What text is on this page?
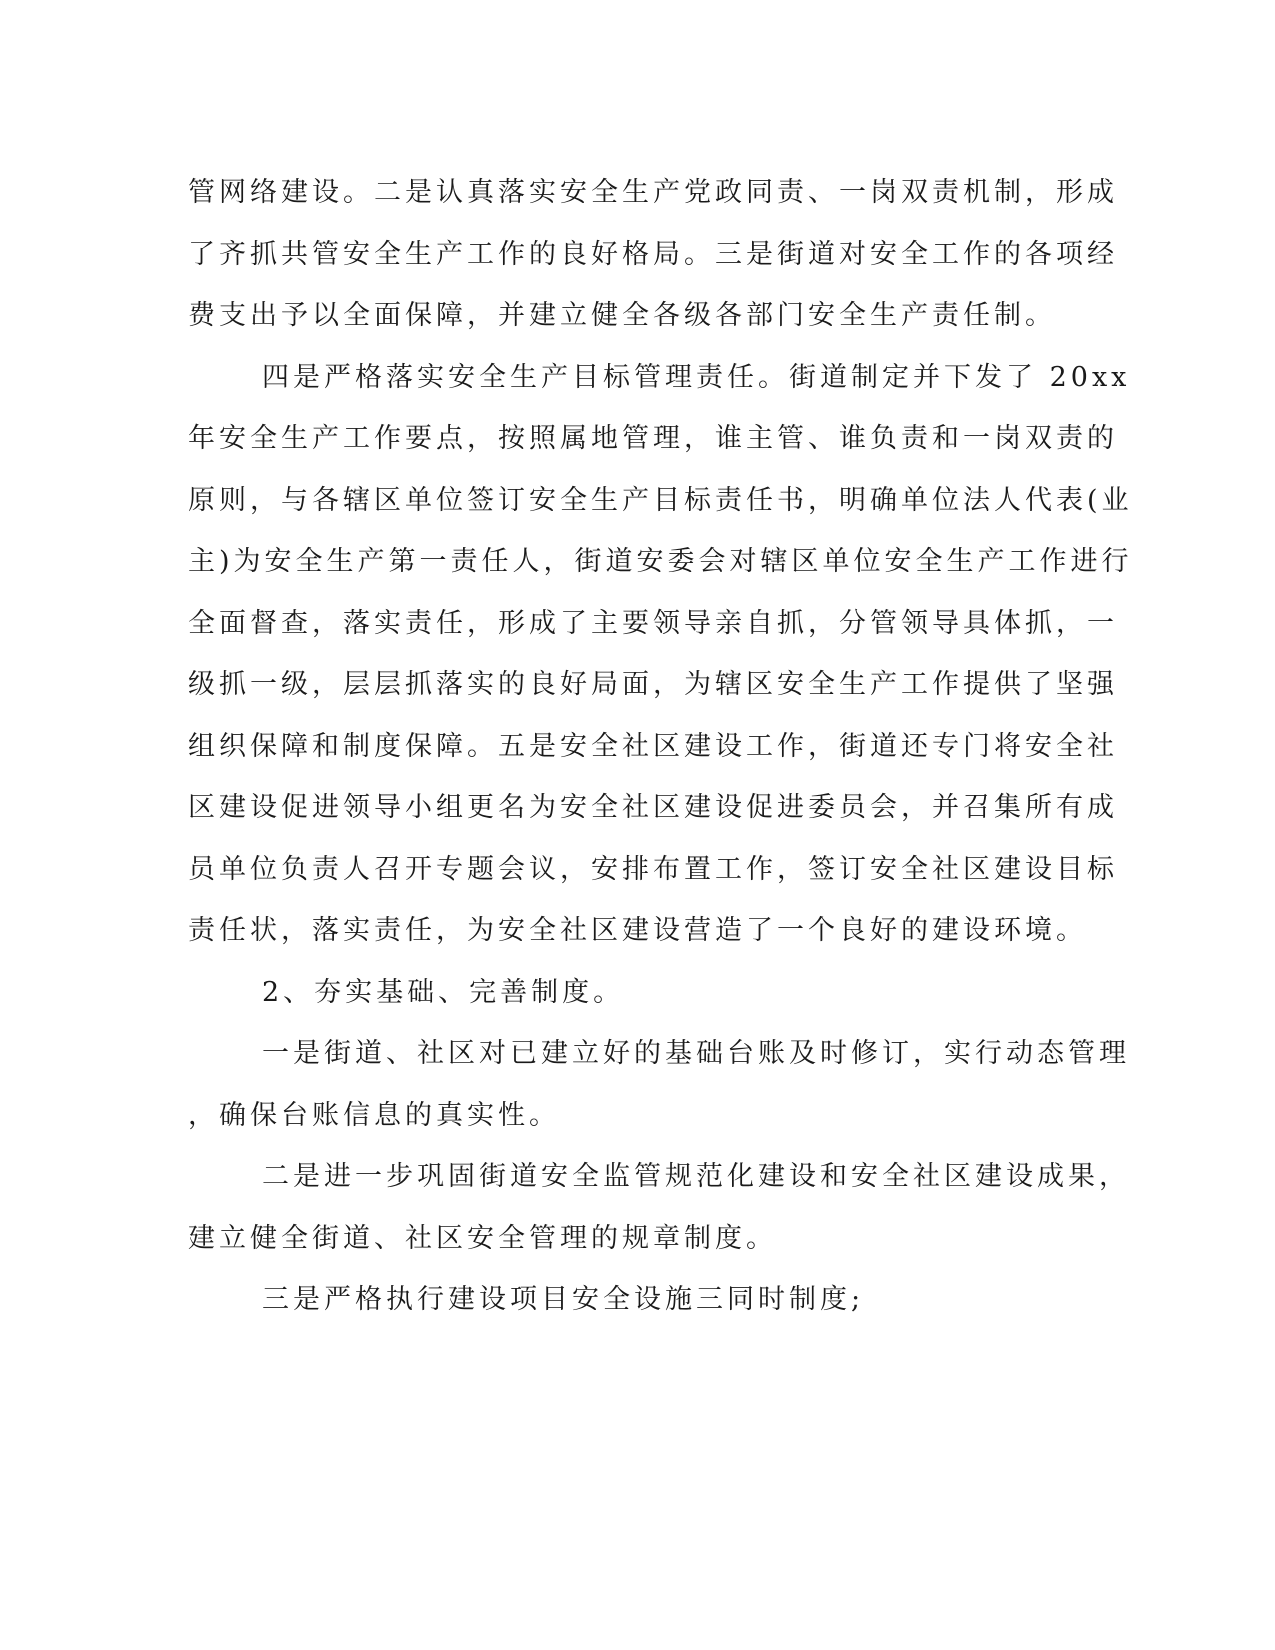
管网络建设。二是认真落实安全生产党政同责、一岗双责机制，形成
了齐抓共管安全生产工作的良好格局。三是街道对安全工作的各项经
费支出予以全面保障，并建立健全各级各部门安全生产责任制。

四是严格落实安全生产目标管理责任。街道制定并下发了 20xx
年安全生产工作要点，按照属地管理，谁主管、谁负责和一岗双责的
原则，与各辖区单位签订安全生产目标责任书，明确单位法人代表(业
主)为安全生产第一责任人，街道安委会对辖区单位安全生产工作进行
全面督查，落实责任，形成了主要领导亲自抓，分管领导具体抓，一
级抓一级，层层抓落实的良好局面，为辖区安全生产工作提供了坚强
组织保障和制度保障。五是安全社区建设工作，街道还专门将安全社
区建设促进领导小组更名为安全社区建设促进委员会，并召集所有成
员单位负责人召开专题会议，安排布置工作，签订安全社区建设目标
责任状，落实责任，为安全社区建设营造了一个良好的建设环境。

2、夯实基础、完善制度。

一是街道、社区对已建立好的基础台账及时修订，实行动态管理
，确保台账信息的真实性。

二是进一步巩固街道安全监管规范化建设和安全社区建设成果，
建立健全街道、社区安全管理的规章制度。

三是严格执行建设项目安全设施三同时制度;
